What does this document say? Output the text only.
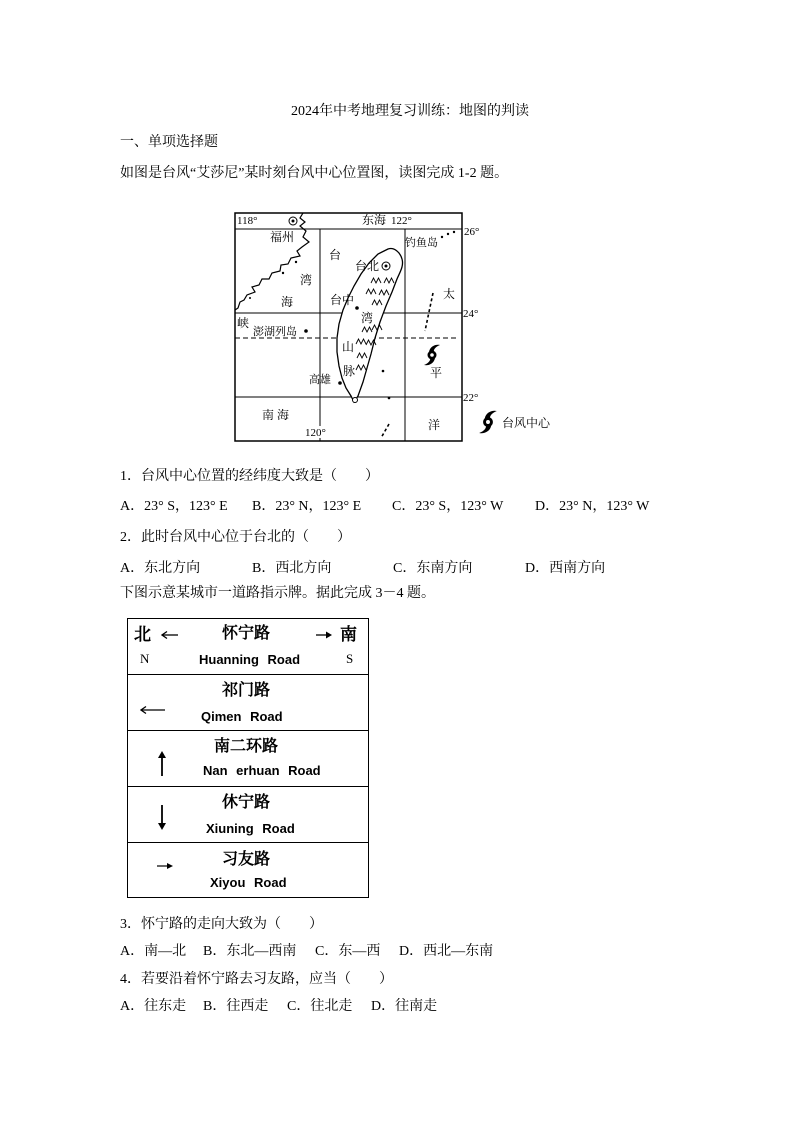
2024年中考地理复习训练：地图的判读
一、单项选择题
如图是台风“艾莎尼”某时刻台风中心位置图，读图完成 1-2 题。
118°	东海 122°
120°
26°
24°
22°
福州
台
湾
海
峡
澎湖列岛
台北
钓鱼岛
台中
湾
山
脉
高雄
太
平
洋
南 海
台风中心
1．台风中心位置的经纬度大致是（　　）
A．23° S，123° E B．23° N，123° E C．23° S，123° W D．23° N，123° W
2．此时台风中心位于台北的（　　）
A．东北方向	B．西北方向	C．东南方向	D．西南方向
下图示意某城市一道路指示牌。据此完成 3－4 题。
北	怀宁路	南
N	Huanning Road	S
祁门路
Qimen Road
南二环路
Nan erhuan Road
休宁路
Xiuning Road
习友路
Xiyou Road
3．怀宁路的走向大致为（　　）
A．南—北 B．东北—西南 C．东—西 D．西北—东南
4．若要沿着怀宁路去习友路，应当（　　）
A．往东走 B．往西走 C．往北走 D．往南走
